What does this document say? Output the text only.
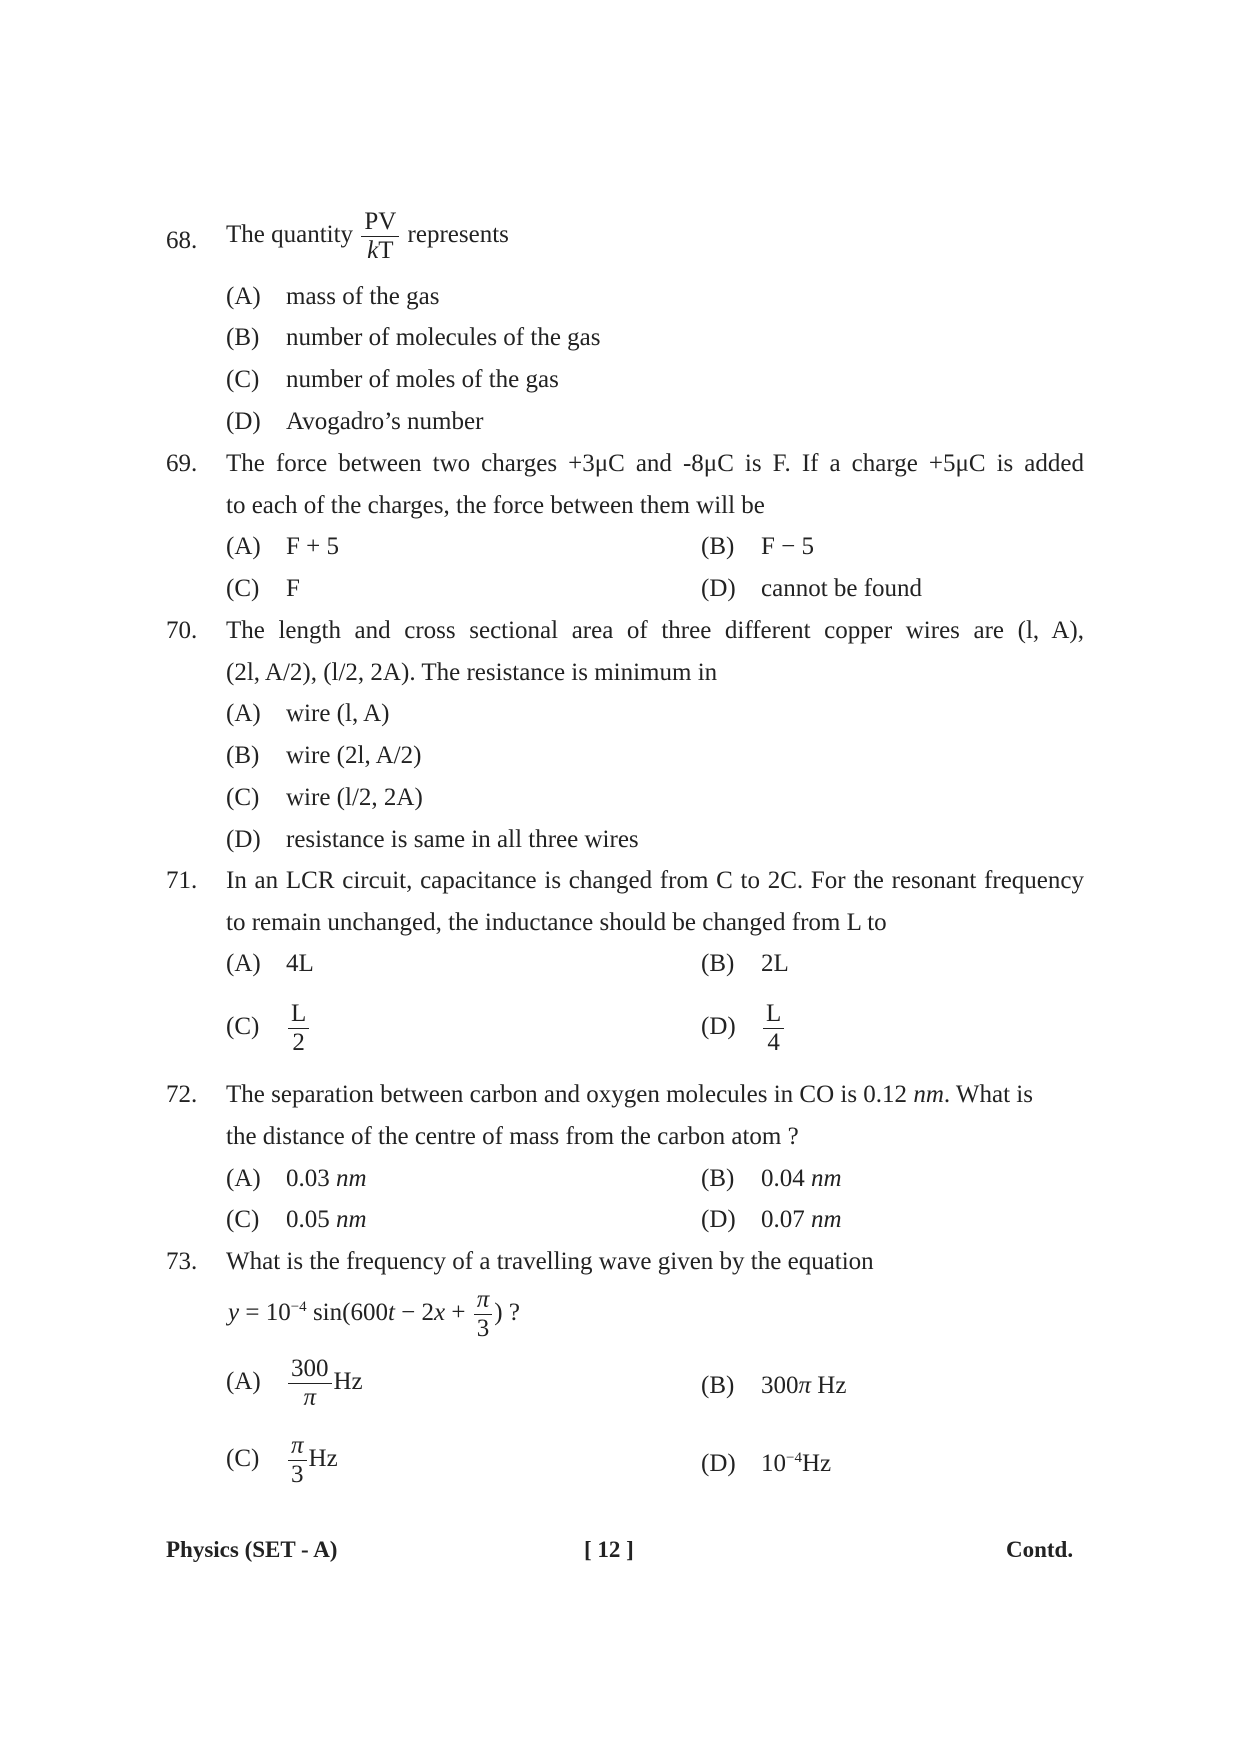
68. The quantity $\frac{PV}{kT}$ represents
(A) mass of the gas
(B) number of molecules of the gas
(C) number of moles of the gas
(D) Avogadro’s number
69. The force between two charges +3μC and -8μC is F. If a charge +5μC is added
to each of the charges, the force between them will be
(A) F + 5	(B) F − 5
(C) F	(D) cannot be found
70. The length and cross sectional area of three different copper wires are (l, A),
(2l, A/2), (l/2, 2A). The resistance is minimum in
(A) wire (l, A)
(B) wire (2l, A/2)
(C) wire (l/2, 2A)
(D) resistance is same in all three wires
71. In an LCR circuit, capacitance is changed from C to 2C. For the resonant frequency
to remain unchanged, the inductance should be changed from L to
(A) 4L	(B) 2L
$(C) \frac{L}{2}$	$(D) \frac{L}{4}$
72. The separation between carbon and oxygen molecules in CO is 0.12 nm. What is
the distance of the centre of mass from the carbon atom ?
(A) 0.03 nm	(B) 0.04 nm
(C) 0.05 nm	(D) 0.07 nm
73. What is the frequency of a travelling wave given by the equation
$y = 10^{-4}$ $\sin(600t - 2x + \frac{\pi}{3}$ ) ?
$(A) \frac{300}{\pi}$ Hz	(B) 300π Hz
$(C) \frac{\pi}{3}$ Hz	(D) $10^{-4}Hz$
Physics (SET - A)	[ 12 ]	Contd.
